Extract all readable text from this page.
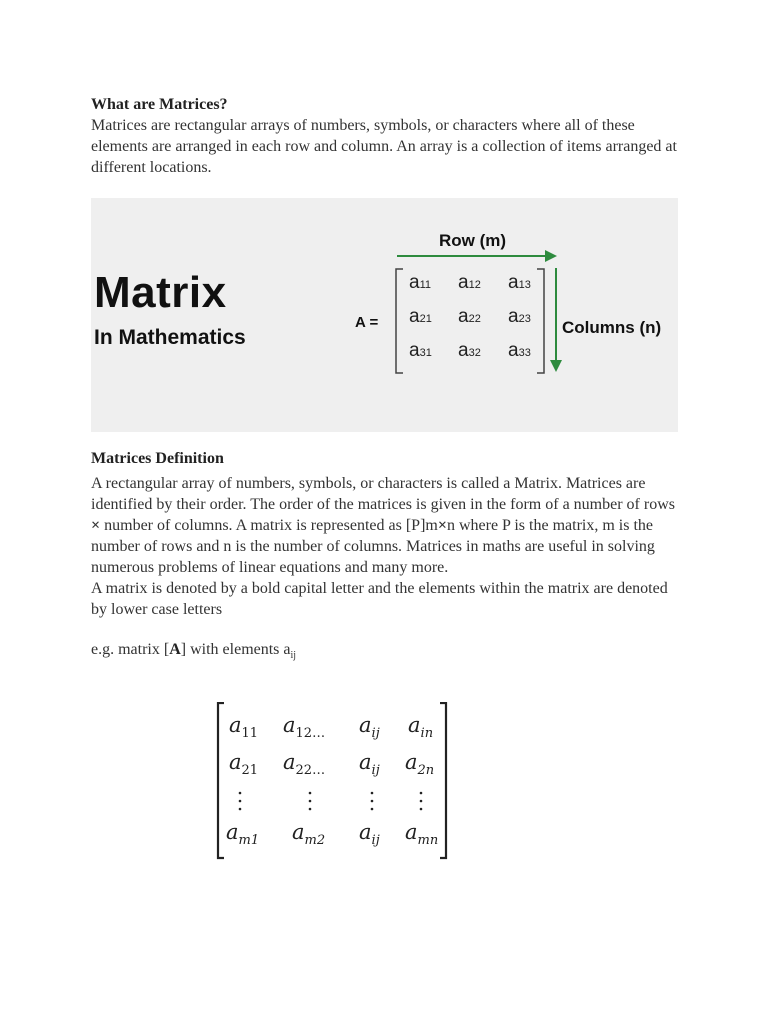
What are Matrices?

Matrices are rectangular arrays of numbers, symbols, or characters where all of these elements are arranged in each row and column. An array is a collection of items arranged at different locations.

Matrix
In Mathematics
Row (m)
Columns (n)
A =
a11 a12 a13
a21 a22 a23
a31 a32 a33

Matrices Definition

A rectangular array of numbers, symbols, or characters is called a Matrix. Matrices are identified by their order. The order of the matrices is given in the form of a number of rows × number of columns. A matrix is represented as [P]m×n where P is the matrix, m is the number of rows and n is the number of columns. Matrices in maths are useful in solving numerous problems of linear equations and many more.

A matrix is denoted by a bold capital letter and the elements within the matrix are denoted by lower case letters

e.g. matrix [A] with elements $a_{ij}$

$a_{11}$ $a_{12\dots}$ $a_{ij}$ $a_{in}$
$a_{21}$ $a_{22\dots}$ $a_{ij}$ $a_{2n}$
$a_{m1}$ $a_{m2}$ $a_{ij}$ $a_{mn}$
